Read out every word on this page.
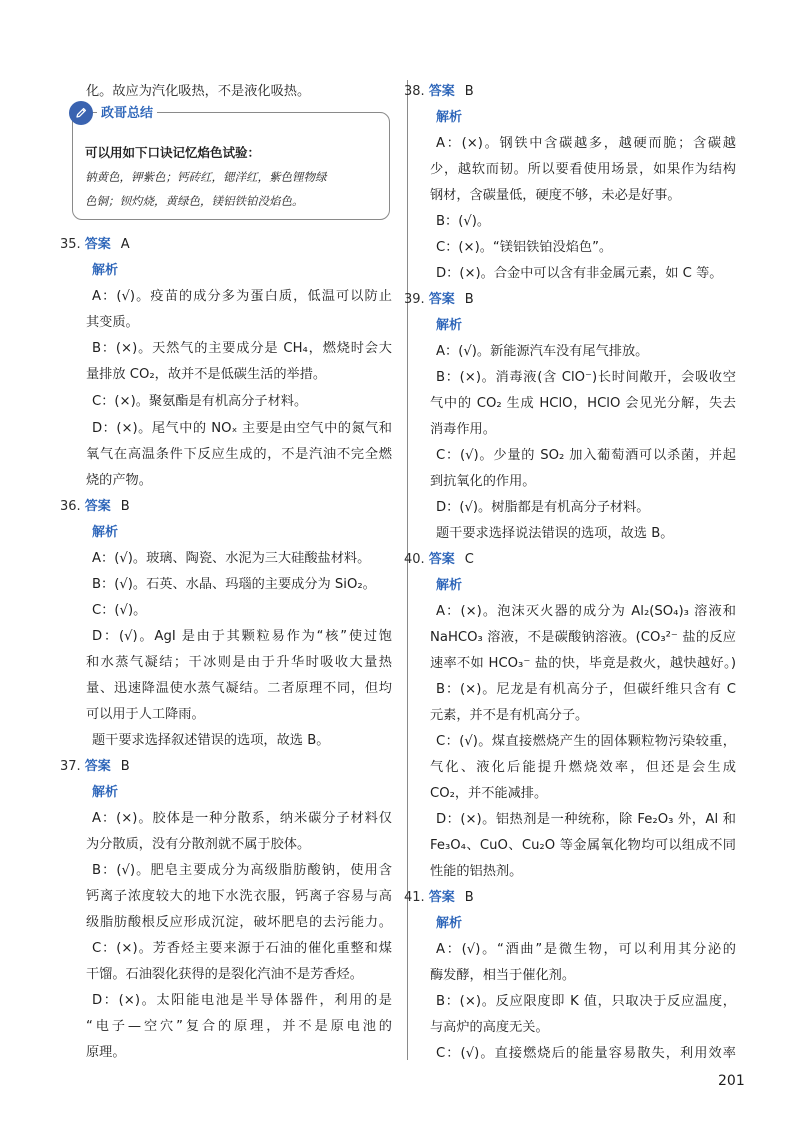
化。故应为汽化吸热，不是液化吸热。
35. 答案 A
解析
A：(√)。疫苗的成分多为蛋白质，低温可以防止
其变质。
B：(×)。天然气的主要成分是 CH₄，燃烧时会大
量排放 CO₂，故并不是低碳生活的举措。
C：(×)。聚氨酯是有机高分子材料。
D：(×)。尾气中的 NOₓ 主要是由空气中的氮气和
氧气在高温条件下反应生成的，不是汽油不完全燃
烧的产物。
36. 答案 B
解析
A：(√)。玻璃、陶瓷、水泥为三大硅酸盐材料。
B：(√)。石英、水晶、玛瑙的主要成分为 SiO₂。
C：(√)。
D：(√)。AgI 是由于其颗粒易作为“核”使过饱
和水蒸气凝结；干冰则是由于升华时吸收大量热
量、迅速降温使水蒸气凝结。二者原理不同，但均
可以用于人工降雨。
题干要求选择叙述错误的选项，故选 B。
37. 答案 B
解析
A：(×)。胶体是一种分散系，纳米碳分子材料仅
为分散质，没有分散剂就不属于胶体。
B：(√)。肥皂主要成分为高级脂肪酸钠，使用含
钙离子浓度较大的地下水洗衣服，钙离子容易与高
级脂肪酸根反应形成沉淀，破坏肥皂的去污能力。
C：(×)。芳香烃主要来源于石油的催化重整和煤
干馏。石油裂化获得的是裂化汽油不是芳香烃。
D：(×)。太阳能电池是半导体器件，利用的是
“电子—空穴”复合的原理，并不是原电池的
原理。
政哥总结
可以用如下口诀记忆焰色试验：
钠黄色，钾紫色；钙砖红，锶洋红，紫色锂物绿
色铜；钡灼烧，黄绿色，镁铝铁铂没焰色。
38. 答案 B
解析
A：(×)。钢铁中含碳越多，越硬而脆；含碳越
少，越软而韧。所以要看使用场景，如果作为结构
钢材，含碳量低，硬度不够，未必是好事。
B：(√)。
C：(×)。“镁铝铁铂没焰色”。
D：(×)。合金中可以含有非金属元素，如 C 等。
39. 答案 B
解析
A：(√)。新能源汽车没有尾气排放。
B：(×)。消毒液(含 ClO⁻)长时间敞开，会吸收空
气中的 CO₂ 生成 HClO，HClO 会见光分解，失去
消毒作用。
C：(√)。少量的 SO₂ 加入葡萄酒可以杀菌，并起
到抗氧化的作用。
D：(√)。树脂都是有机高分子材料。
题干要求选择说法错误的选项，故选 B。
40. 答案 C
解析
A：(×)。泡沫灭火器的成分为 Al₂(SO₄)₃ 溶液和
NaHCO₃ 溶液，不是碳酸钠溶液。(CO₃²⁻ 盐的反应
速率不如 HCO₃⁻ 盐的快，毕竟是救火，越快越好。)
B：(×)。尼龙是有机高分子，但碳纤维只含有 C
元素，并不是有机高分子。
C：(√)。煤直接燃烧产生的固体颗粒物污染较重，
气化、液化后能提升燃烧效率，但还是会生成
CO₂，并不能减排。
D：(×)。铝热剂是一种统称，除 Fe₂O₃ 外，Al 和
Fe₃O₄、CuO、Cu₂O 等金属氧化物均可以组成不同
性能的铝热剂。
41. 答案 B
解析
A：(√)。“酒曲”是微生物，可以利用其分泌的
酶发酵，相当于催化剂。
B：(×)。反应限度即 K 值，只取决于反应温度，
与高炉的高度无关。
C：(√)。直接燃烧后的能量容易散失，利用效率
201
